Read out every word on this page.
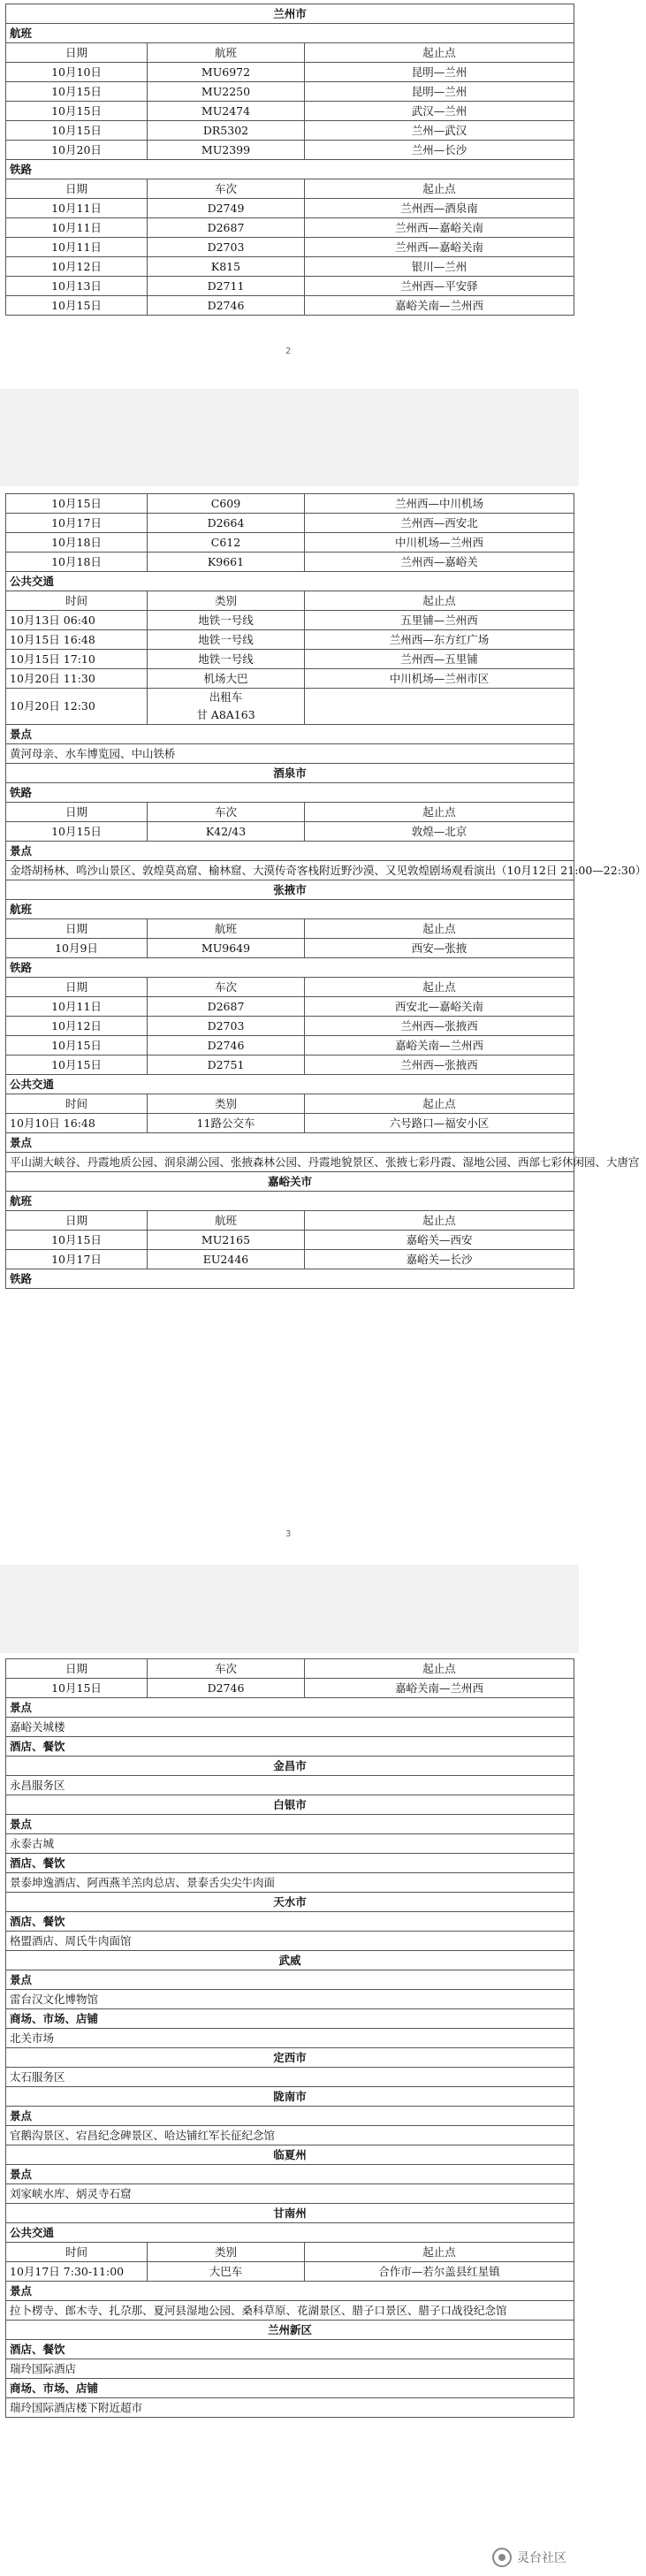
兰州市		
航班		
日期	航班	起止点
10月10日	MU6972	昆明—兰州
10月15日	MU2250	昆明—兰州
10月15日	MU2474	武汉—兰州
10月15日	DR5302	兰州—武汉
10月20日	MU2399	兰州—长沙
铁路		
日期	车次	起止点
10月11日	D2749	兰州西—酒泉南
10月11日	D2687	兰州西—嘉峪关南
10月11日	D2703	兰州西—嘉峪关南
10月12日	K815	银川—兰州
10月13日	D2711	兰州西—平安驿
10月15日	D2746	嘉峪关南—兰州西
2
10月15日	C609	兰州西—中川机场
10月17日	D2664	兰州西—西安北
10月18日	C612	中川机场—兰州西
10月18日	K9661	兰州西—嘉峪关
公共交通		
时间	类别	起止点
10月13日 06:40	地铁一号线	五里铺—兰州西
10月15日 16:48	地铁一号线	兰州西—东方红广场
10月15日 17:10	地铁一号线	兰州西—五里铺
10月20日 11:30	机场大巴	中川机场—兰州市区
10月20日 12:30	出租车
甘 A8A163	
景点		
黄河母亲、水车博览园、中山铁桥		
酒泉市		
铁路		
日期	车次	起止点
10月15日	K42/43	敦煌—北京
景点		
金塔胡杨林、鸣沙山景区、敦煌莫高窟、榆林窟、大漠传奇客栈附近野沙漠、又见敦煌剧场观看演出（10月12日 21:00—22:30）		
张掖市		
航班		
日期	航班	起止点
10月9日	MU9649	西安—张掖
铁路		
日期	车次	起止点
10月11日	D2687	西安北—嘉峪关南
10月12日	D2703	兰州西—张掖西
10月15日	D2746	嘉峪关南—兰州西
10月15日	D2751	兰州西—张掖西
公共交通		
时间	类别	起止点
10月10日 16:48	11路公交车	六号路口—福安小区
景点		
平山湖大峡谷、丹霞地质公园、润泉湖公园、张掖森林公园、丹霞地貌景区、张掖七彩丹霞、湿地公园、西部七彩休闲园、大唐宫		
嘉峪关市		
航班		
日期	航班	起止点
10月15日	MU2165	嘉峪关—西安
10月17日	EU2446	嘉峪关—长沙
铁路		
3
日期	车次	起止点
10月15日	D2746	嘉峪关南—兰州西
景点		
嘉峪关城楼		
酒店、餐饮		
金昌市		
永昌服务区		
白银市		
景点		
永泰古城		
酒店、餐饮		
景泰坤逸酒店、阿西燕羊羔肉总店、景泰舌尖尖牛肉面		
天水市		
酒店、餐饮		
格盟酒店、周氏牛肉面馆		
武威		
景点		
雷台汉文化博物馆		
商场、市场、店铺		
北关市场		
定西市		
太石服务区		
陇南市		
景点		
官鹅沟景区、宕昌纪念碑景区、哈达铺红军长征纪念馆		
临夏州		
景点		
刘家峡水库、炳灵寺石窟		
甘南州		
公共交通		
时间	类别	起止点
10月17日 7:30-11:00	大巴车	合作市—若尔盖县红星镇
景点		
拉卜楞寺、郎木寺、扎尕那、夏河县湿地公园、桑科草原、花湖景区、腊子口景区、腊子口战役纪念馆		
兰州新区		
酒店、餐饮		
瑞玲国际酒店		
商场、市场、店铺		
瑞玲国际酒店楼下附近超市		
灵台社区
